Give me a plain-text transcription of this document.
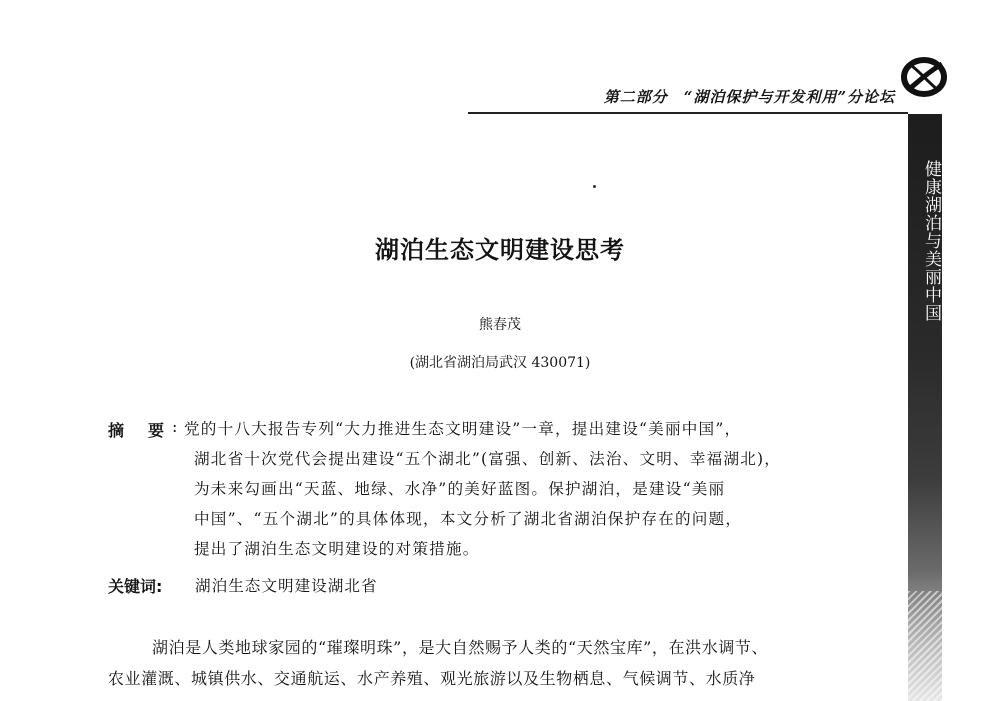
第二部分　“湖泊保护与开发利用”分论坛
健康湖泊与美丽中国
湖泊生态文明建设思考
熊春茂
(湖北省湖泊局武汉 430071)
摘　要 : 党的十八大报告专列“大力推进生态文明建设”一章，提出建设“美丽中国”，
湖北省十次党代会提出建设“五个湖北”(富强、创新、法治、文明、幸福湖北)，
为未来勾画出“天蓝、地绿、水净”的美好蓝图。保护湖泊，是建设“美丽
中国”、“五个湖北”的具体体现，本文分析了湖北省湖泊保护存在的问题，
提出了湖泊生态文明建设的对策措施。
关键词: 湖泊生态文明建设湖北省
湖泊是人类地球家园的“璀璨明珠”，是大自然赐予人类的“天然宝库”，在洪水调节、
农业灌溉、城镇供水、交通航运、水产养殖、观光旅游以及生物栖息、气候调节、水质净
